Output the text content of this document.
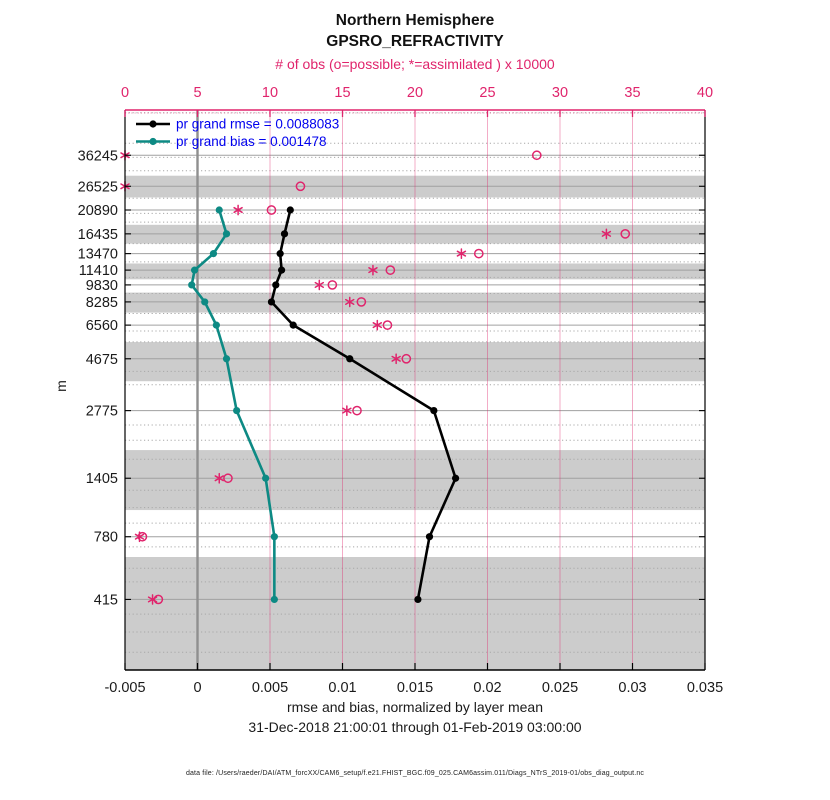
0	5	10	15	20	25	30	35	40
-0.005	0	0.005	0.01	0.015	0.02	0.025	0.03	0.035
36245
26525
20890
16435
13470
11410
9830
8285
6560
4675
2775
1405
780
415
pr grand rmse = 0.0088083
pr grand bias = 0.001478
Northern Hemisphere
GPSRO_REFRACTIVITY
# of obs (o=possible; *=assimilated ) x 10000
m
rmse and bias, normalized by layer mean
31-Dec-2018 21:00:01 through 01-Feb-2019 03:00:00
data file: /Users/raeder/DAI/ATM_forcXX/CAM6_setup/f.e21.FHIST_BGC.f09_025.CAM6assim.011/Diags_NTrS_2019-01/obs_diag_output.nc
